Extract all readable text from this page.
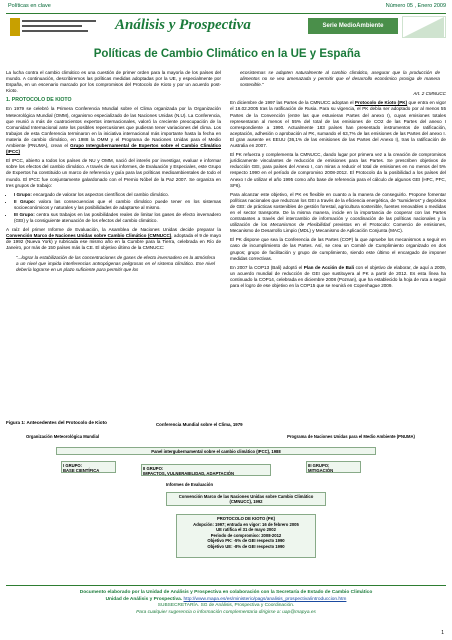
Políticas en clave	Número 05 , Enero 2009
Análisis y Prospectiva	Serie MedioAmbiente
Políticas de Cambio Climático en la UE y España
La lucha contra el cambio climático es una cuestión de primer orden para la mayoría de los países del mundo. A continuación, describiremos las políticas medidas adoptadas por la UE, y especialmente por España, en un escenario marcado por los compromisos del Protocolo de Kioto y por un acuerdo post-Kioto.
1. PROTOCOLO DE KIOTO
En 1979 se celebró la Primera Conferencia Mundial sobre el Clima organizada por la Organización Meteorológica Mundial (OMM), organismo especializado de las Naciones Unidas (N.U). La Conferencia, que reunió a más de cuatrocientos expertos internacionales, valoró la creciente preocupación de la Comunidad Internacional ante los posibles repercusiones que pudieran tener variaciones del clima. Los trabajos de esta Conferencia terminaron en la iniciativa internacional más importante hasta la fecha en materia de cambio climático, en 1988 la OMM y el Programa de Naciones Unidas para el Medio Ambiente (PNUMA), crean el Grupo Intergubernamental de Expertos sobre el Cambio Climático (IPCC)
El IPCC, abierto a todos los países de NU y OMM, nació del interés por investigar, evaluar e informar sobre los efectos del cambio climático. A través de sus informes, de Evaluación y Especiales, este Grupo de Expertos ha constituido un marco de referencia y guía para las políticas medioambientales de todo el mundo. El IPCC fue conjuntamente galardonado con el Premio Nóbel de la Paz 2007. Se organiza en tres grupos de trabajo:
• I Grupo: encargado de valorar los aspectos científicos del cambio climático.
• II Grupo: valora las consecuencias que el cambio climático puede tener en los sistemas socioeconómicos y naturales y las posibilidades de adaptarse al mismo.
• III Grupo: centra sus trabajos en las posibilidades reales de limitar los gases de efecto invernadero (GEI) y la consiguiente atenuación de los efectos del cambio climático.
A raíz del primer Informe de Evaluación, la Asamblea de Naciones Unidas decide preparar la Convención Marco de Naciones Unidas sobre Cambio Climático (CMNUCC), adoptada el 9 de mayo de 1992 (Nueva York) y rubricada ese mismo año en la Cumbre para la Tierra, celebrada en Río de Janeiro, por más de 150 países más la CE. El objetivo último de la CMNUCC:
"...lograr la estabilización de las concentraciones de gases de efecto invernadero en la atmósfera a un nivel que impida interferencias antropógenas peligrosas en el sistema climático. Ese nivel debería lograrse en un plazo suficiente para permitir que los
ecosistemas se adapten naturalmente al cambio climático, asegurar que la producción de alimentos no se vea amenazada y permitir que el desarrollo económico prosiga de manera sostenible."
Art. 2 CMNUCC
En diciembre de 1997 las Partes de la CMNUCC adoptan el Protocolo de Kioto (PK) que entra en vigor el 16.02.2005 tras la ratificación de Rusia. Para su vigencia, el PK debía ser adoptado por al menos 55 Partes de la Convención (entre las que estuvieran Partes del anexo I), cuyas emisiones totales representaran al menos el 55% del total de las emisiones de CO2 de las Partes del anexo I correspondiente a 1990. Actualmente 183 países han presentado instrumentos de ratificación, aceptación, adhesión o aprobación al PK, sumando el 63,7% de las emisiones de las Partes del anexo I. El gran ausente es EEUU (36,1% de las emisiones de las Partes del Anexo I), tras la ratificación de Australia en 2007.
El PK refuerza y complementa la CMNUCC, dando lugar por primera vez a la creación de compromisos jurídicamente vinculantes de reducción de emisiones para las Partes. Se prescriben objetivos de reducción GEI, para países del Anexo I, con miras a reducir el total de emisiones en no menos del 5% respecto 1990 en el período de compromiso 2008-2012. El Protocolo da la posibilidad a los países del Anexo I de utilizar el año 1995 como año base de referencia para el cálculo de algunos GEI (HFC, PFC, SF6).
Para alcanzar este objetivo, el PK es flexible en cuanto a la manera de conseguirlo. Propone fomentar políticas nacionales que reduzcan los GEI a través de la eficiencia energética, de "sumideros" y depósitos de GEI: de prácticas sostenibles de gestión forestal, agricultura sostenible, fuentes renovables o medidas en el sector transporte. De la misma manera, incide en la importancia de cooperar con las Partes contratantes a través del intercambio de información y coordinación de las políticas nacionales y la utilización de los Mecanismos de Flexibilidad previstos en el Protocolo: Comercio de emisiones, Mecanismo de Desarrollo Limpio (MDL) y Mecanismo de Aplicación Conjunta (MAC).
El PK dispone que sea la Conferencia de las Partes (COP) la que apruebe los mecanismos a seguir en caso de incumplimiento de las Partes. Así, se crea un Comité de Cumplimiento organizado en dos grupos; grupo de facilitación y grupo de cumplimiento, siendo este último el encargado de imponer medidas correctivas.
En 2007 la COP13 (Bali) adoptó el Plan de Acción de Bali con el objetivo de elaborar, de aquí a 2009, un acuerdo mundial de reducción de GEI que sustituyera al PK a partir de 2012. Es esta línea ha continuado la COP14, celebrada en diciembre 2008 (Poznan), que ha establecido la hoja de ruta a seguir para el logro de ese objetivo en la COP15 que se reunirá en Copenhague 2009.
Figura 1: Antecedentes del Protocolo de Kioto	Conferencia Mundial sobre el Clima, 1979
Organización Meteorológica Mundial	Programa de Naciones Unidas para el Medio Ambiente (PNUMA)
Panel intergubernamental sobre el cambio climático (IPCC), 1988
I GRUPO:
BASE CIENTÍFICA	II GRUPO:
IMPACTOS, VULNERABILIDAD, ADAPTACIÓN
III GRUPO:
MITIGACIÓN
Informes de Evaluación
Convención Marco de las Naciones Unidas sobre Cambio Climático (CMNUCC), 1992
PROTOCOLO DE KIOTO (PK)
Adopción: 1997; entrada en vigor: 16 de febrero 2005
UE ratifica el 31 de mayo 2002
Periodo de compromiso: 2008-2012
Objetivo PK: -5% de GEI respecto 1990
Objetivo UE: -8% de GEI respecto 1990
Documento elaborado por la Unidad de Análisis y Prospectiva en colaboración con la Secretaría de Estado de Cambio Climático
Unidad de Análisis y Prospectiva. http://www.mapa.es/es/ministerio/pags/analisis_prospectiva/introduccion.htm
SUBSECRETARÍA. SG de Análisis, Prospectiva y Coordinación.
Para cualquier sugerencia o información complementaria dirigirse a: uap@mapya.es
1
